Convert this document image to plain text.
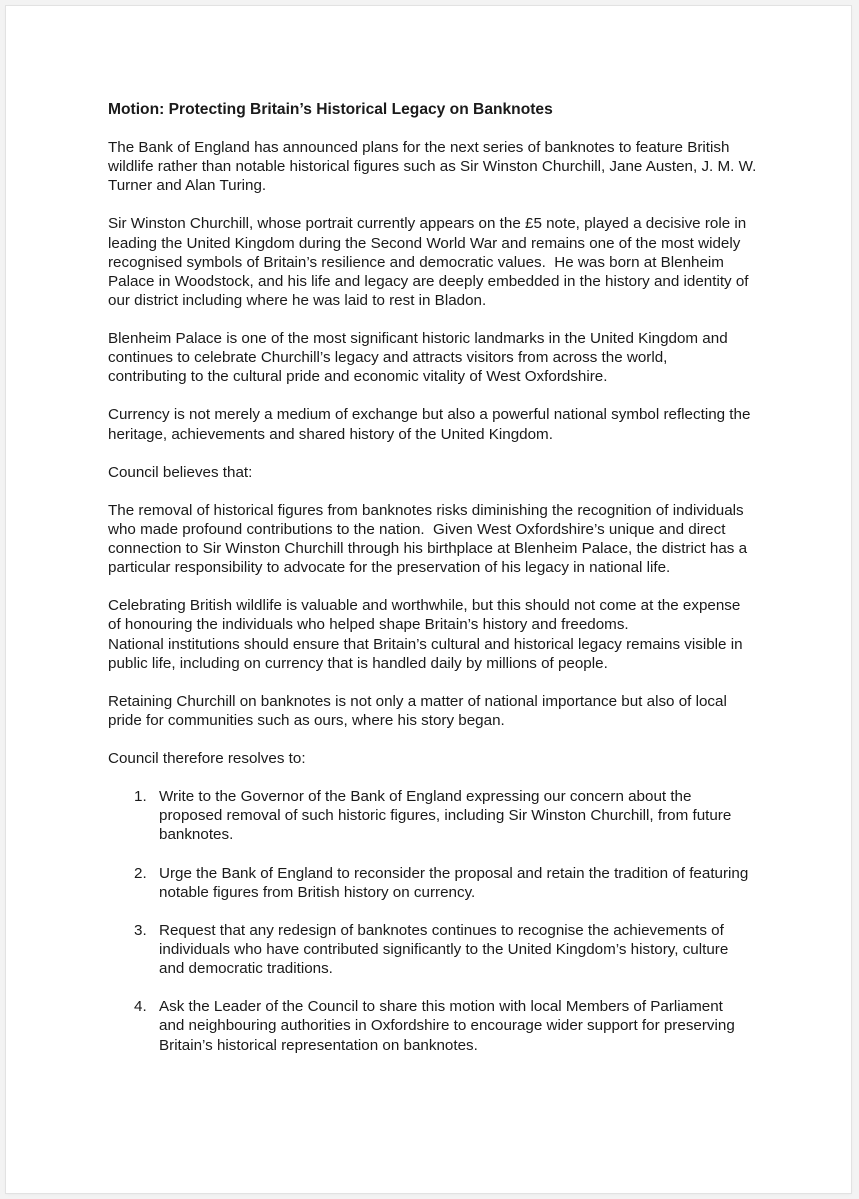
Motion: Protecting Britain’s Historical Legacy on Banknotes
The Bank of England has announced plans for the next series of banknotes to feature British
wildlife rather than notable historical figures such as Sir Winston Churchill, Jane Austen, J. M. W.
Turner and Alan Turing.
Sir Winston Churchill, whose portrait currently appears on the £5 note, played a decisive role in
leading the United Kingdom during the Second World War and remains one of the most widely
recognised symbols of Britain’s resilience and democratic values.  He was born at Blenheim
Palace in Woodstock, and his life and legacy are deeply embedded in the history and identity of
our district including where he was laid to rest in Bladon.
Blenheim Palace is one of the most significant historic landmarks in the United Kingdom and
continues to celebrate Churchill’s legacy and attracts visitors from across the world,
contributing to the cultural pride and economic vitality of West Oxfordshire.
Currency is not merely a medium of exchange but also a powerful national symbol reflecting the
heritage, achievements and shared history of the United Kingdom.
Council believes that:
The removal of historical figures from banknotes risks diminishing the recognition of individuals
who made profound contributions to the nation.  Given West Oxfordshire’s unique and direct
connection to Sir Winston Churchill through his birthplace at Blenheim Palace, the district has a
particular responsibility to advocate for the preservation of his legacy in national life.
Celebrating British wildlife is valuable and worthwhile, but this should not come at the expense
of honouring the individuals who helped shape Britain’s history and freedoms.
National institutions should ensure that Britain’s cultural and historical legacy remains visible in
public life, including on currency that is handled daily by millions of people.
Retaining Churchill on banknotes is not only a matter of national importance but also of local
pride for communities such as ours, where his story began.
Council therefore resolves to:
1. Write to the Governor of the Bank of England expressing our concern about the
proposed removal of such historic figures, including Sir Winston Churchill, from future
banknotes.
2. Urge the Bank of England to reconsider the proposal and retain the tradition of featuring
notable figures from British history on currency.
3. Request that any redesign of banknotes continues to recognise the achievements of
individuals who have contributed significantly to the United Kingdom’s history, culture
and democratic traditions.
4. Ask the Leader of the Council to share this motion with local Members of Parliament
and neighbouring authorities in Oxfordshire to encourage wider support for preserving
Britain’s historical representation on banknotes.
